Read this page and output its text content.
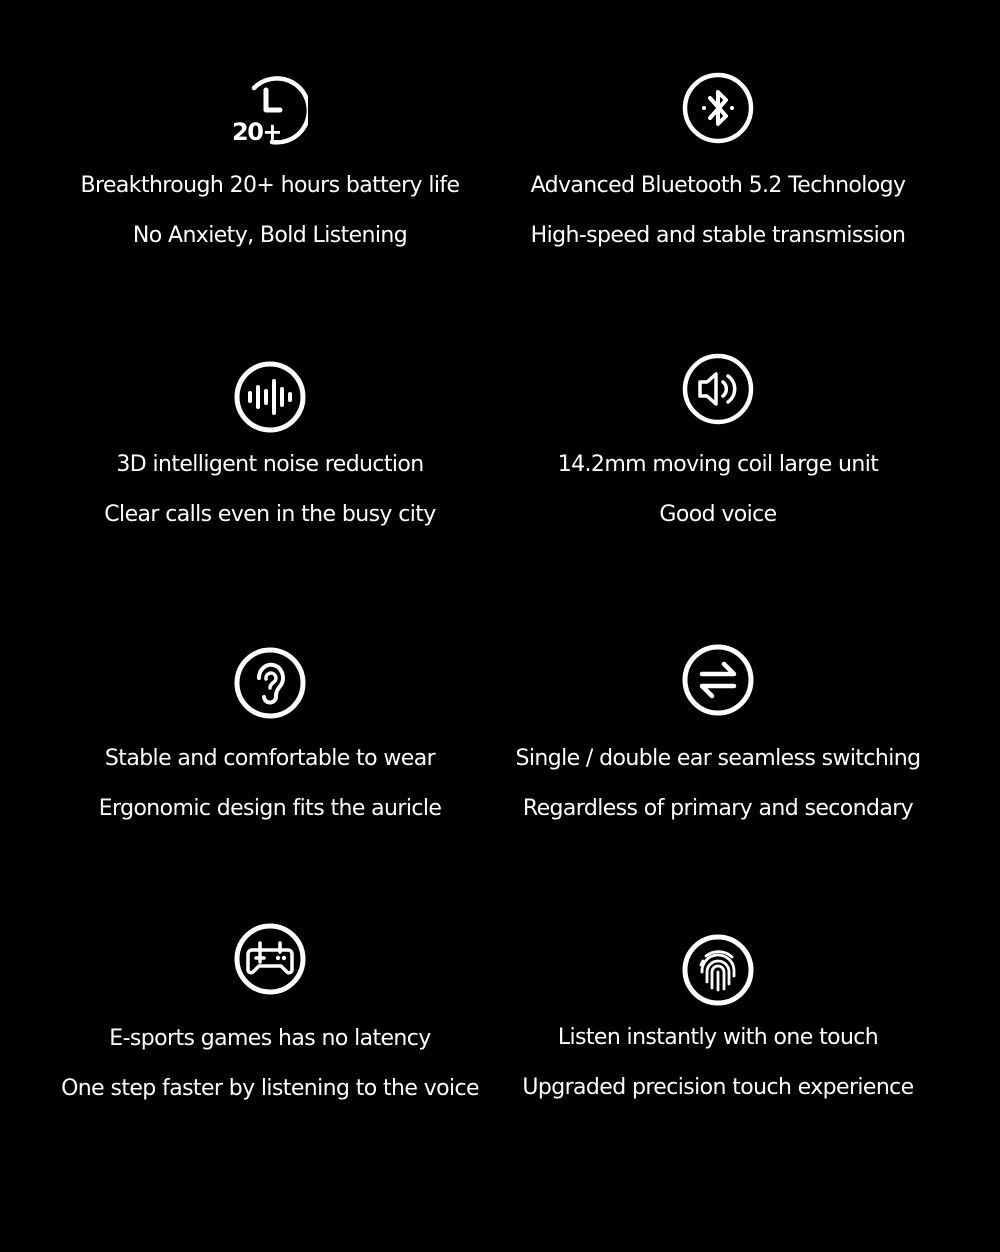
20+
Breakthrough 20+ hours battery life
No Anxiety, Bold Listening
Advanced Bluetooth 5.2 Technology
High-speed and stable transmission
3D intelligent noise reduction
Clear calls even in the busy city
14.2mm moving coil large unit
Good voice
Stable and comfortable to wear
Ergonomic design fits the auricle
Single / double ear seamless switching
Regardless of primary and secondary
E-sports games has no latency
One step faster by listening to the voice
Listen instantly with one touch
Upgraded precision touch experience
